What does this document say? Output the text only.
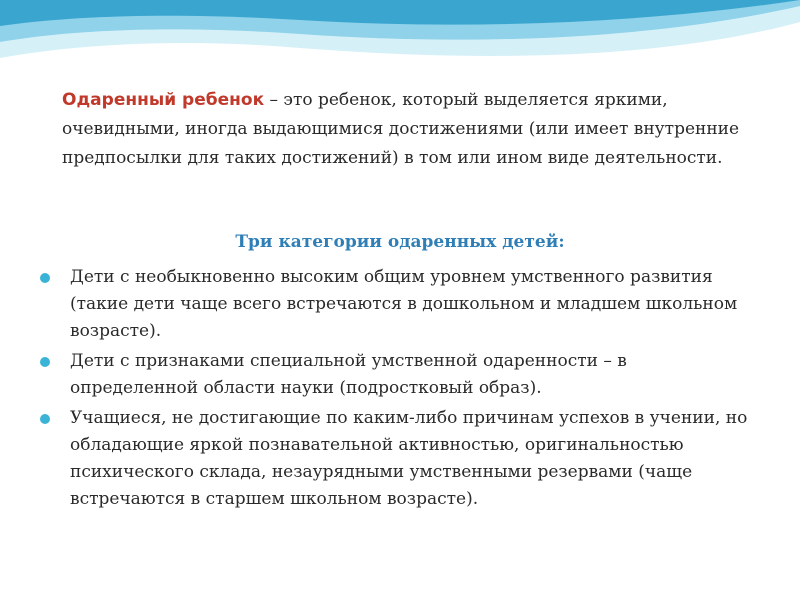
Одаренный ребенок – это ребенок, который выделяется яркими, очевидными, иногда выдающимися достижениями (или имеет внутренние предпосылки для таких достижений) в том или ином виде деятельности.

Три категории одаренных детей:

Дети с необыкновенно высоким общим уровнем умственного развития (такие дети чаще всего встречаются в дошкольном и младшем школьном возрасте).
Дети с признаками специальной умственной одаренности – в определенной области науки (подростковый образ).
Учащиеся, не достигающие по каким-либо причинам успехов в учении, но обладающие яркой познавательной активностью, оригинальностью психического склада, незаурядными умственными резервами (чаще встречаются в старшем школьном возрасте).
